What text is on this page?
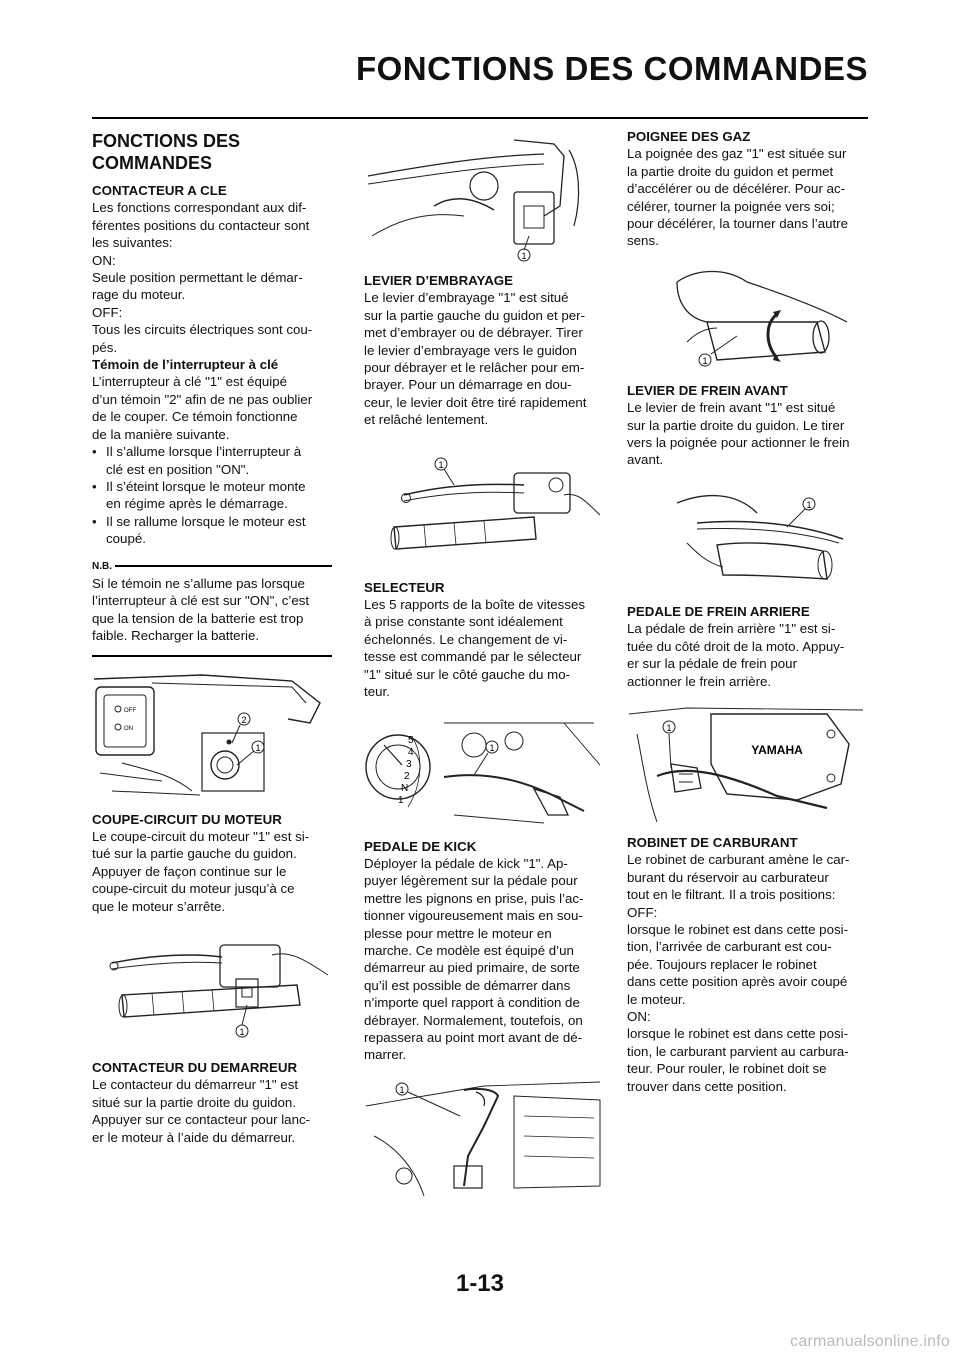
FONCTIONS DES COMMANDES
FONCTIONS DES
COMMANDES
CONTACTEUR A CLE

Les fonctions correspondant aux dif-

férentes positions du contacteur sont

les suivantes:

ON:

Seule position permettant le démar-

rage du moteur.

OFF:

Tous les circuits électriques sont cou-

pés.

Témoin de l’interrupteur à clé

L’interrupteur à clé "1" est équipé

d’un témoin "2" afin de ne pas oublier

de le couper. Ce témoin fonctionne

de la manière suivante.

• Il s’allume lorsque l’interrupteur à
clé est en position "ON".
• Il s’éteint lorsque le moteur monte
en régime après le démarrage.
• Il se rallume lorsque le moteur est
coupé.
N.B.

Si le témoin ne s’allume pas lorsque

l’interrupteur à clé est sur "ON", c’est

que la tension de la batterie est trop

faible. Recharger la batterie.

OFF
ON
2
1
COUPE-CIRCUIT DU MOTEUR

Le coupe-circuit du moteur "1" est si-

tué sur la partie gauche du guidon.

Appuyer de façon continue sur le

coupe-circuit du moteur jusqu’à ce

que le moteur s’arrête.

1
CONTACTEUR DU DEMARREUR

Le contacteur du démarreur "1" est

situé sur la partie droite du guidon.

Appuyer sur ce contacteur pour lanc-

er le moteur à l’aide du démarreur.

1
LEVIER D’EMBRAYAGE

Le levier d’embrayage "1" est situé

sur la partie gauche du guidon et per-

met d’embrayer ou de débrayer. Tirer

le levier d’embrayage vers le guidon

pour débrayer et le relâcher pour em-

brayer. Pour un démarrage en dou-

ceur, le levier doit être tiré rapidement

et relâché lentement.

1
SELECTEUR

Les 5 rapports de la boîte de vitesses

à prise constante sont idéalement

échelonnés. Le changement de vi-

tesse est commandé par le sélecteur

"1" situé sur le côté gauche du mo-

teur.

5
4
3
2
N
1
1
PEDALE DE KICK

Déployer la pédale de kick "1". Ap-

puyer légèrement sur la pédale pour

mettre les pignons en prise, puis l’ac-

tionner vigoureusement mais en sou-

plesse pour mettre le moteur en

marche. Ce modèle est équipé d’un

démarreur au pied primaire, de sorte

qu’il est possible de démarrer dans

n’importe quel rapport à condition de

débrayer. Normalement, toutefois, on

repassera au point mort avant de dé-

marrer.

1
POIGNEE DES GAZ

La poignée des gaz "1" est située sur

la partie droite du guidon et permet

d’accélérer ou de décélérer. Pour ac-

célérer, tourner la poignée vers soi;

pour décélérer, la tourner dans l’autre

sens.

1
LEVIER DE FREIN AVANT

Le levier de frein avant "1" est situé

sur la partie droite du guidon. Le tirer

vers la poignée pour actionner le frein

avant.

1
PEDALE DE FREIN ARRIERE

La pédale de frein arrière "1" est si-

tuée du côté droit de la moto. Appuy-

er sur la pédale de frein pour

actionner le frein arrière.

YAMAHA
1
ROBINET DE CARBURANT

Le robinet de carburant amène le car-

burant du réservoir au carburateur

tout en le filtrant. Il a trois positions:

OFF:

lorsque le robinet est dans cette posi-

tion, l’arrivée de carburant est cou-

pée. Toujours replacer le robinet

dans cette position après avoir coupé

le moteur.

ON:

lorsque le robinet est dans cette posi-

tion, le carburant parvient au carbura-

teur. Pour rouler, le robinet doit se

trouver dans cette position.

1-13
carmanualsonline.info
